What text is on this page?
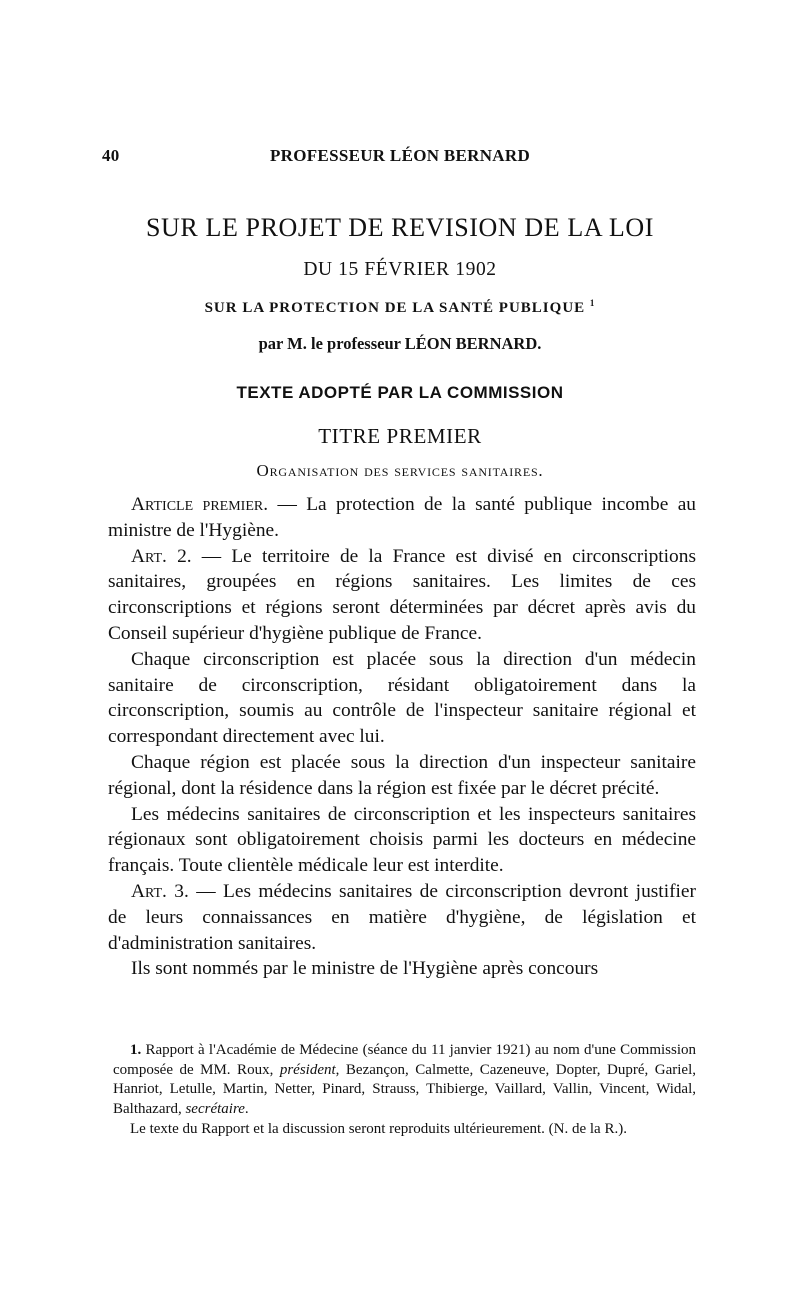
40	PROFESSEUR LÉON BERNARD
SUR LE PROJET DE REVISION DE LA LOI
DU 15 FÉVRIER 1902
SUR LA PROTECTION DE LA SANTÉ PUBLIQUE $^1$
par M. le professeur LÉON BERNARD.
TEXTE ADOPTÉ PAR LA COMMISSION
TITRE PREMIER
Organisation des services sanitaires.

Article premier. — La protection de la santé publique incombe au ministre de l'Hygiène.

Art. 2. — Le territoire de la France est divisé en circonscriptions sanitaires, groupées en régions sanitaires. Les limites de ces circonscriptions et régions seront déterminées par décret après avis du Conseil supérieur d'hygiène publique de France.

Chaque circonscription est placée sous la direction d'un médecin sanitaire de circonscription, résidant obligatoirement dans la circonscription, soumis au contrôle de l'inspecteur sanitaire régional et correspondant directement avec lui.

Chaque région est placée sous la direction d'un inspecteur sanitaire régional, dont la résidence dans la région est fixée par le décret précité.

Les médecins sanitaires de circonscription et les inspecteurs sanitaires régionaux sont obligatoirement choisis parmi les docteurs en médecine français. Toute clientèle médicale leur est interdite.

Art. 3. — Les médecins sanitaires de circonscription devront justifier de leurs connaissances en matière d'hygiène, de législation et d'administration sanitaires.

Ils sont nommés par le ministre de l'Hygiène après concours

1. Rapport à l'Académie de Médecine (séance du 11 janvier 1921) au nom d'une Commission composée de MM. Roux, président, Bezançon, Calmette, Cazeneuve, Dopter, Dupré, Gariel, Hanriot, Letulle, Martin, Netter, Pinard, Strauss, Thibierge, Vaillard, Vallin, Vincent, Widal, Balthazard, secrétaire.

Le texte du Rapport et la discussion seront reproduits ultérieurement. (N. de la R.).
